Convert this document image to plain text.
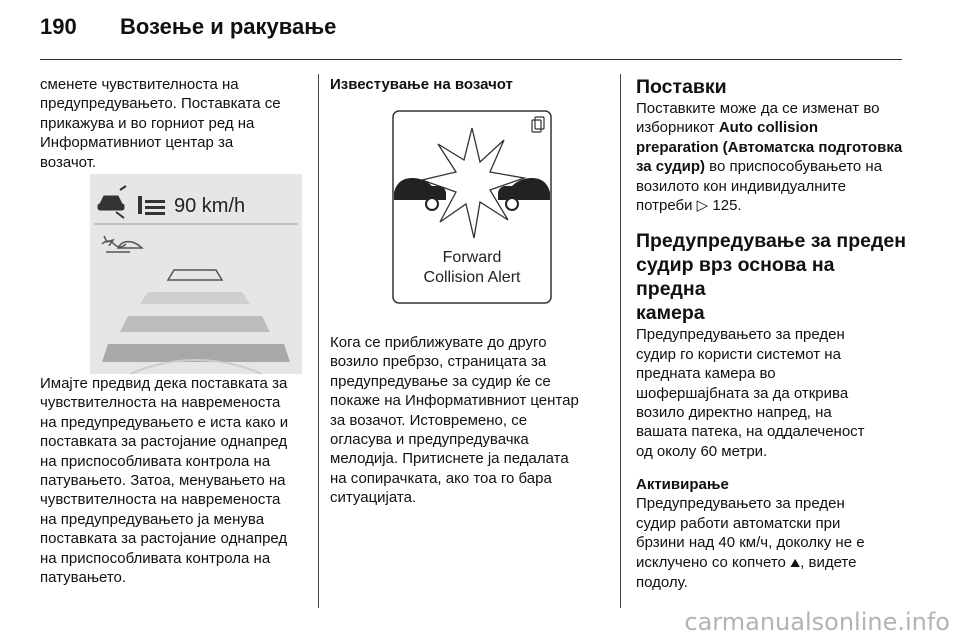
190	Возење и ракување

сменете чувствителноста на
предупредувањето. Поставката се
прикажува и во горниот ред на
Информативниот центар за
возачот.

90 km/h

Имајте предвид дека поставката за
чувствителноста на навременоста
на предупредувањето е иста како и
поставката за растојание однапред
на приспособливата контрола на
патувањето. Затоа, менувањето на
чувствителноста на навременоста
на предупредувањето ја менува
поставката за растојание однапред
на приспособливата контрола на
патувањето.

Известување на возачот

Forward
Collision Alert

Кога се приближувате до друго
возило пребрзо, страницата за
предупредување за судир ќе се
покаже на Информативниот центар
за возачот. Истовремено, се
огласува и предупредувачка
мелодија. Притиснете ја педалата
на сопирачката, ако тоа го бара
ситуацијата.

Поставки

Поставките може да се изменат во
изборникот Auto collision
preparation (Автоматска подготовка
за судир) во приспособувањето на
возилото кон индивидуалните
потреби ▷ 125.

Предупредување за преден
судир врз основа на предна
камера

Предупредувањето за преден
судир го користи системот на
предната камера во
шофершајбната за да открива
возило директно напред, на
вашата патека, на оддалеченост
од околу 60 метри.

Активирање

Предупредувањето за преден
судир работи автоматски при
брзини над 40 км/ч, доколку не е
исклучено со копчето ⛰, видете
подолу.

carmanualsonline.info
